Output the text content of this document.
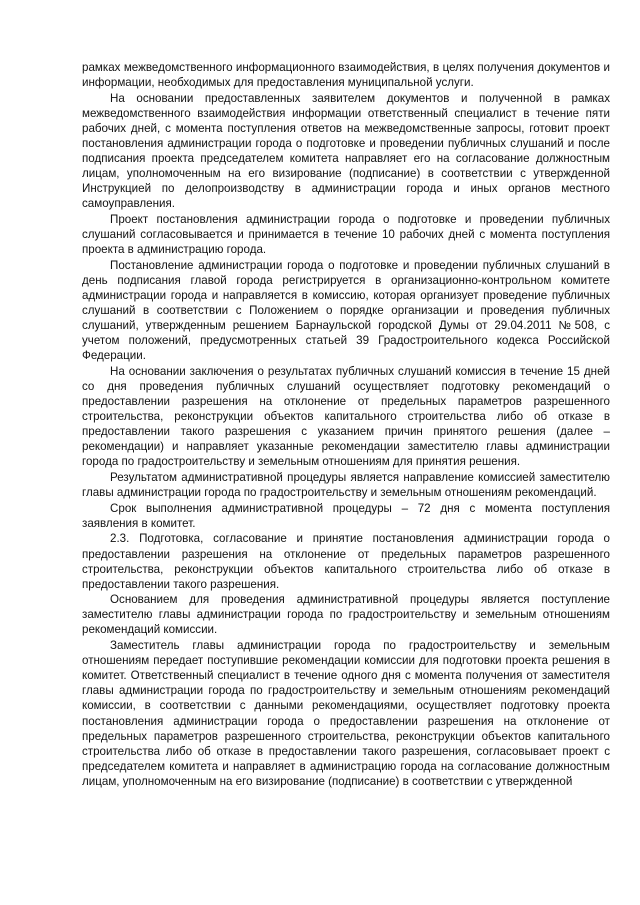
рамках межведомственного информационного взаимодействия, в целях получения документов и информации, необходимых для предоставления муниципальной услуги.

На основании предоставленных заявителем документов и полученной в рамках межведомственного взаимодействия информации ответственный специалист в течение пяти рабочих дней, с момента поступления ответов на межведомственные запросы, готовит проект постановления администрации города о подготовке и проведении публичных слушаний и после подписания проекта председателем комитета направляет его на согласование должностным лицам, уполномоченным на его визирование (подписание) в соответствии с утвержденной Инструкцией по делопроизводству в администрации города и иных органов местного самоуправления.

Проект постановления администрации города о подготовке и проведении публичных слушаний согласовывается и принимается в течение 10 рабочих дней с момента поступления проекта в администрацию города.

Постановление администрации города о подготовке и проведении публичных слушаний в день подписания главой города регистрируется в организационно-контрольном комитете администрации города и направляется в комиссию, которая организует проведение публичных слушаний в соответствии с Положением о порядке организации и проведения публичных слушаний, утвержденным решением Барнаульской городской Думы от 29.04.2011 №508, с учетом положений, предусмотренных статьей 39 Градостроительного кодекса Российской Федерации.

На основании заключения о результатах публичных слушаний комиссия в течение 15 дней со дня проведения публичных слушаний осуществляет подготовку рекомендаций о предоставлении разрешения на отклонение от предельных параметров разрешенного строительства, реконструкции объектов капитального строительства либо об отказе в предоставлении такого разрешения с указанием причин принятого решения (далее – рекомендации) и направляет указанные рекомендации заместителю главы администрации города по градостроительству и земельным отношениям для принятия решения.

Результатом административной процедуры является направление комиссией заместителю главы администрации города по градостроительству и земельным отношениям рекомендаций.

Срок выполнения административной процедуры – 72 дня с момента поступления заявления в комитет.

2.3. Подготовка, согласование и принятие постановления администрации города о предоставлении разрешения на отклонение от предельных параметров разрешенного строительства, реконструкции объектов капитального строительства либо об отказе в предоставлении такого разрешения.

Основанием для проведения административной процедуры является поступление заместителю главы администрации города по градостроительству и земельным отношениям рекомендаций комиссии.

Заместитель главы администрации города по градостроительству и земельным отношениям передает поступившие рекомендации комиссии для подготовки проекта решения в комитет. Ответственный специалист в течение одного дня с момента получения от заместителя главы администрации города по градостроительству и земельным отношениям рекомендаций комиссии, в соответствии с данными рекомендациями, осуществляет подготовку проекта постановления администрации города о предоставлении разрешения на отклонение от предельных параметров разрешенного строительства, реконструкции объектов капитального строительства либо об отказе в предоставлении такого разрешения, согласовывает проект с председателем комитета и направляет в администрацию города на согласование должностным лицам, уполномоченным на его визирование (подписание) в соответствии с утвержденной
